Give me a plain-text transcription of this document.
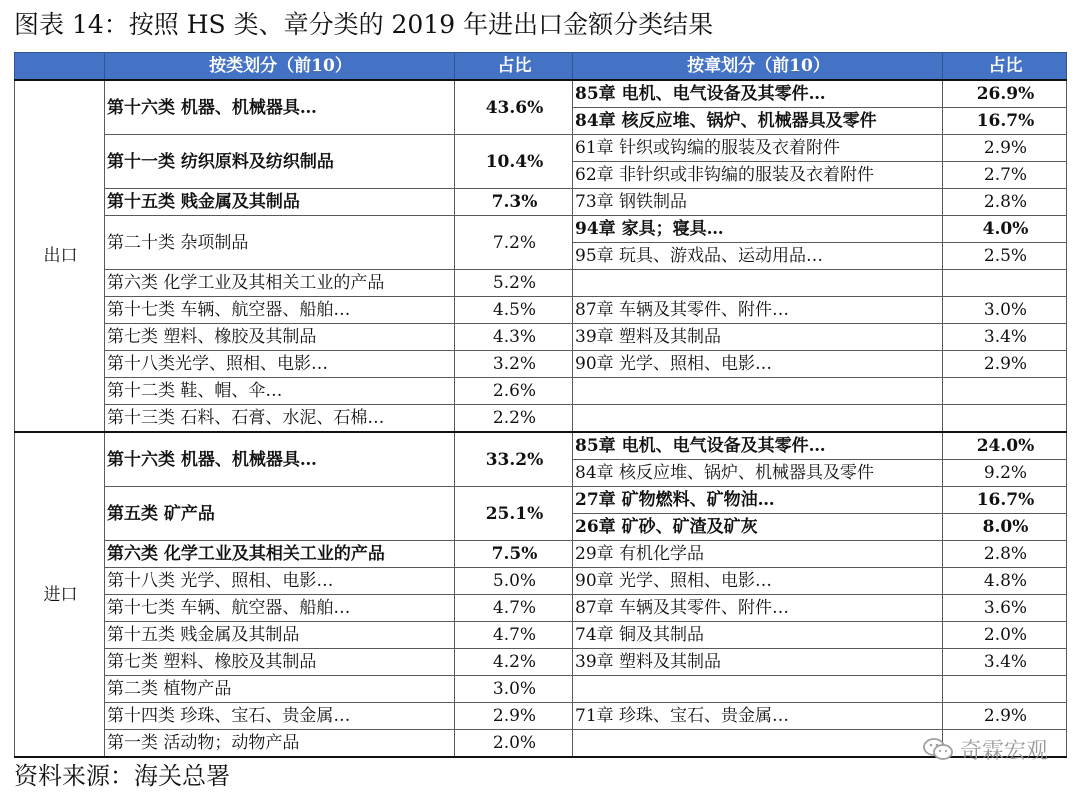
图表 14：按照 HS 类、章分类的 2019 年进出口金额分类结果
	按类划分（前10）	占比	按章划分（前10）	占比
出口	第十六类 机器、机械器具…	43.6%	85章 电机、电气设备及其零件…	26.9%
			84章 核反应堆、锅炉、机械器具及零件	16.7%
	第十一类 纺织原料及纺织制品	10.4%	61章 针织或钩编的服装及衣着附件	2.9%
			62章 非针织或非钩编的服装及衣着附件	2.7%
	第十五类 贱金属及其制品	7.3%	73章 钢铁制品	2.8%
	第二十类 杂项制品	7.2%	94章 家具；寝具…	4.0%
			95章 玩具、游戏品、运动用品…	2.5%
	第六类 化学工业及其相关工业的产品	5.2%		
	第十七类 车辆、航空器、船舶…	4.5%	87章 车辆及其零件、附件…	3.0%
	第七类 塑料、橡胶及其制品	4.3%	39章 塑料及其制品	3.4%
	第十八类光学、照相、电影…	3.2%	90章 光学、照相、电影…	2.9%
	第十二类 鞋、帽、伞…	2.6%		
	第十三类 石料、石膏、水泥、石棉…	2.2%		
进口	第十六类 机器、机械器具…	33.2%	85章 电机、电气设备及其零件…	24.0%
			84章 核反应堆、锅炉、机械器具及零件	9.2%
	第五类 矿产品	25.1%	27章 矿物燃料、矿物油…	16.7%
			26章 矿砂、矿渣及矿灰	8.0%
	第六类 化学工业及其相关工业的产品	7.5%	29章 有机化学品	2.8%
	第十八类 光学、照相、电影…	5.0%	90章 光学、照相、电影…	4.8%
	第十七类 车辆、航空器、船舶…	4.7%	87章 车辆及其零件、附件…	3.6%
	第十五类 贱金属及其制品	4.7%	74章 铜及其制品	2.0%
	第七类 塑料、橡胶及其制品	4.2%	39章 塑料及其制品	3.4%
	第二类 植物产品	3.0%		
	第十四类 珍珠、宝石、贵金属…	2.9%	71章 珍珠、宝石、贵金属…	2.9%
	第一类 活动物；动物产品	2.0%		
资料来源：海关总署
奇霖宏观
